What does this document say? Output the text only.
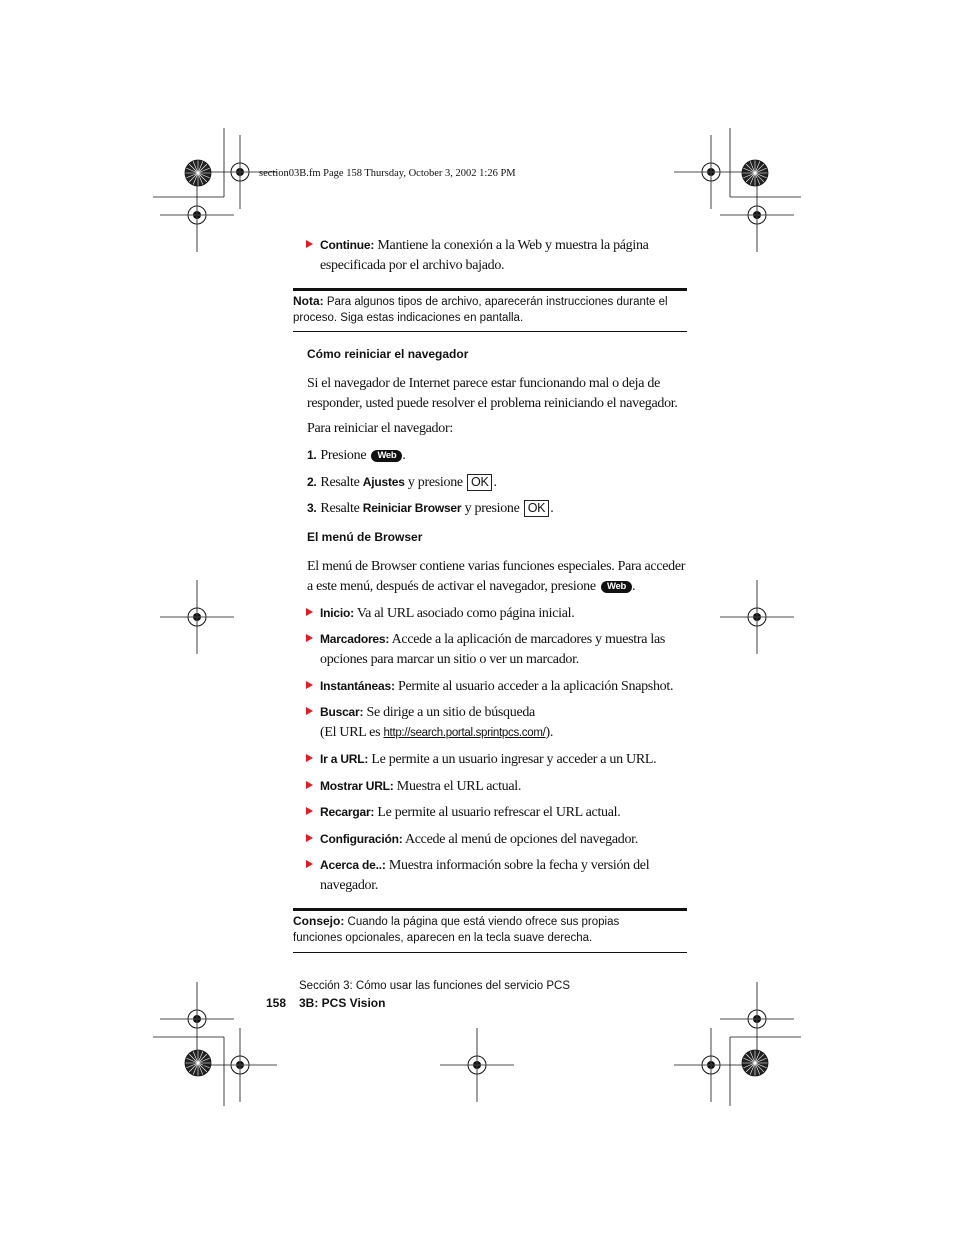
section03B.fm Page 158 Thursday, October 3, 2002 1:26 PM
Continue: Mantiene la conexión a la Web y muestra la página especificada por el archivo bajado.
Nota: Para algunos tipos de archivo, aparecerán instrucciones durante el proceso. Siga estas indicaciones en pantalla.
Cómo reiniciar el navegador
Si el navegador de Internet parece estar funcionando mal o deja de responder, usted puede resolver el problema reiniciando el navegador.
Para reiniciar el navegador:
1. Presione Web .
2. Resalte Ajustes y presione OK .
3. Resalte Reiniciar Browser y presione OK .
El menú de Browser
El menú de Browser contiene varias funciones especiales. Para acceder a este menú, después de activar el navegador, presione Web .
Inicio: Va al URL asociado como página inicial.
Marcadores: Accede a la aplicación de marcadores y muestra las opciones para marcar un sitio o ver un marcador.
Instantáneas: Permite al usuario acceder a la aplicación Snapshot.
Buscar: Se dirige a un sitio de búsqueda
(El URL es http://search.portal.sprintpcs.com/).
Ir a URL: Le permite a un usuario ingresar y acceder a un URL.
Mostrar URL: Muestra el URL actual.
Recargar: Le permite al usuario refrescar el URL actual.
Configuración: Accede al menú de opciones del navegador.
Acerca de..: Muestra información sobre la fecha y versión del navegador.
Consejo: Cuando la página que está viendo ofrece sus propias funciones opcionales, aparecen en la tecla suave derecha.
Sección 3: Cómo usar las funciones del servicio PCS
158 3B: PCS Vision
